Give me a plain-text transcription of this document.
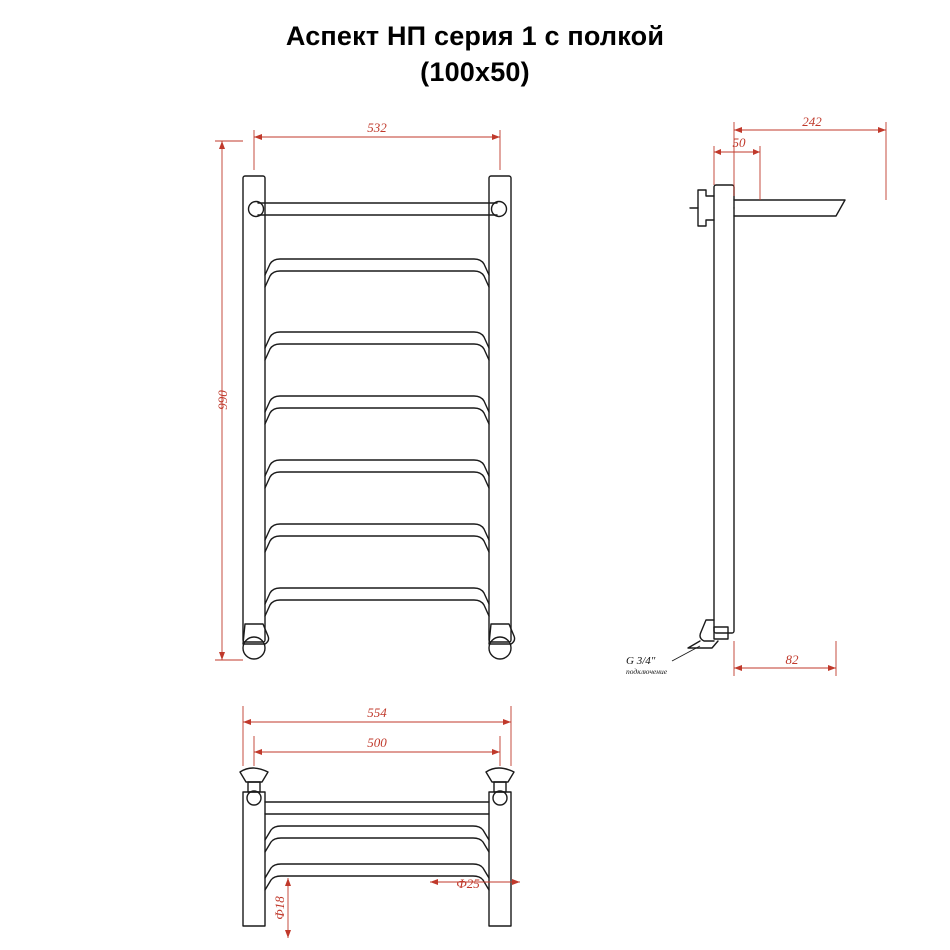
Аспект НП серия 1 с полкой
(100х50)
532
990
242
50
82
G 3/4"
подключение
554
500
Ф25
Ф18
